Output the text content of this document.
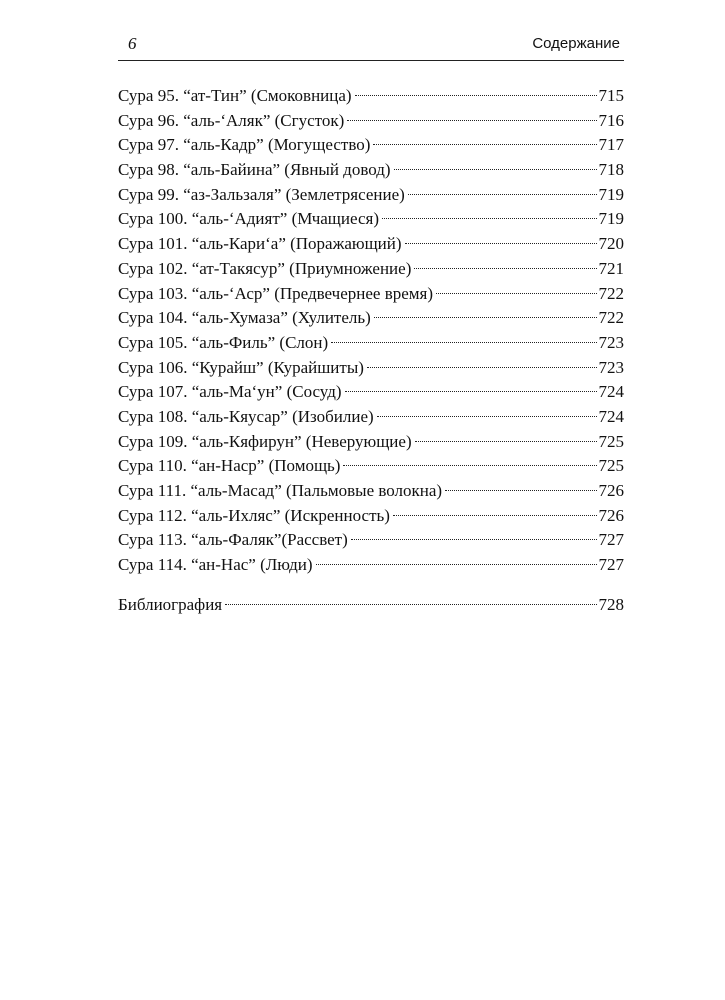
6	Содержание
Сура 95. “ат-Тин” (Смоковница)	715
Сура 96. “аль-‘Аляк” (Сгусток)	716
Сура 97. “аль-Кадр” (Могущество)	717
Сура 98. “аль-Байина” (Явный довод)	718
Сура 99. “аз-Зальзаля” (Землетрясение)	719
Сура 100. “аль-‘Адият” (Мчащиеся)	719
Сура 101. “аль-Кари‘а” (Поражающий)	720
Сура 102. “ат-Такясур” (Приумножение)	721
Сура 103. “аль-‘Аср” (Предвечернее время)	722
Сура 104. “аль-Хумаза” (Хулитель)	722
Сура 105. “аль-Филь” (Слон)	723
Сура 106. “Курайш” (Курайшиты)	723
Сура 107. “аль-Ма‘ун” (Сосуд)	724
Сура 108. “аль-Кяусар” (Изобилие)	724
Сура 109. “аль-Кяфирун” (Неверующие)	725
Сура 110. “ан-Наср” (Помощь)	725
Сура 111. “аль-Масад” (Пальмовые волокна)	726
Сура 112. “аль-Ихляс” (Искренность)	726
Сура 113. “аль-Фаляк”(Рассвет)	727
Сура 114. “ан-Нас” (Люди)	727
Библиография	728
